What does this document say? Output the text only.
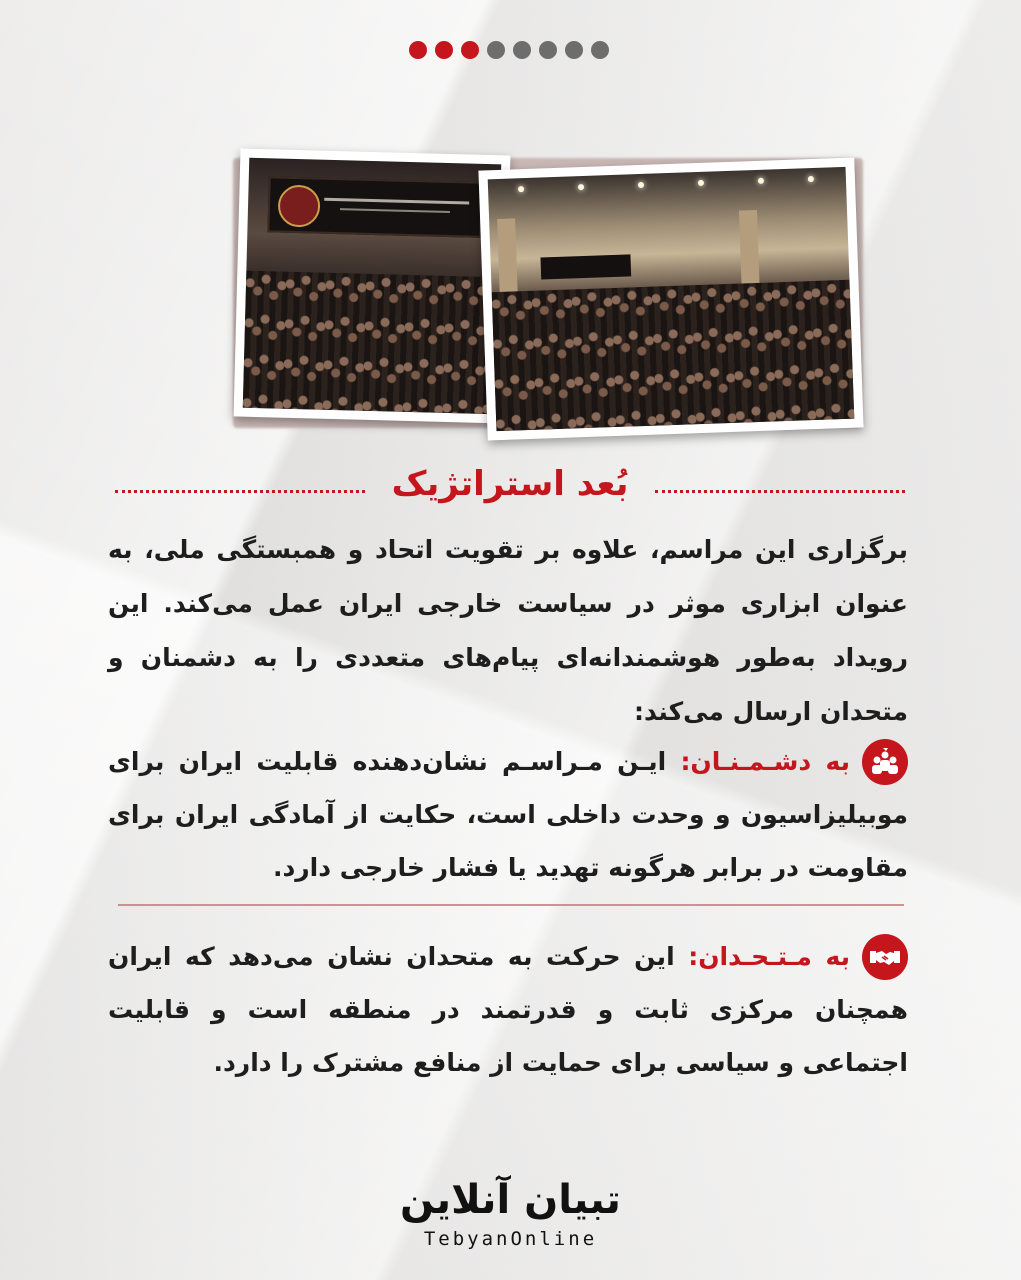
بُعد استراتژیک
برگزاری این مراسم، علاوه بر تقویت اتحاد و همبستگی ملی، به عنوان ابزاری موثر در سیاست خارجی ایران عمل می‌کند. این رویداد به‌طور هوشمندانه‌ای پیام‌های متعددی را به دشمنان و متحدان ارسال می‌کند:
به دشـمـنـان: ایـن مـراسـم نشان‌دهنده قابلیت ایران برای موبیلیزاسیون و وحدت داخلی است، حکایت از آمادگی ایران برای مقاومت در برابر هرگونه تهدید یا فشار خارجی دارد.
به مـتـحـدان: این حرکت به متحدان نشان می‌دهد که ایران همچنان مرکزی ثابت و قدرتمند در منطقه است و قابلیت اجتماعی و سیاسی برای حمایت از منافع مشترک را دارد.
تبیان آنلاین
TebyanOnline
